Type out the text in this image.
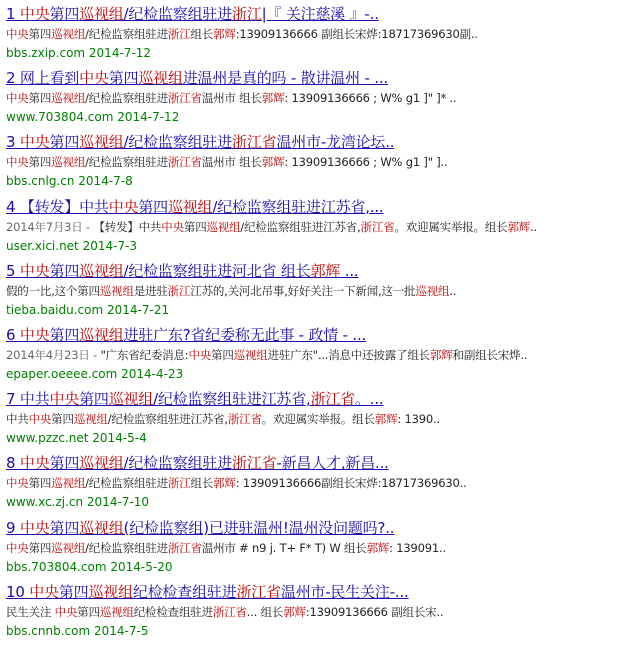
1 中央第四巡视组/纪检监察组驻进浙江|『 关注慈溪 』-..
中央第四巡视组/纪检监察组驻进浙江组长郭辉:13909136666 副组长宋烨:18717369630副..
bbs.zxip.com 2014-7-12
2 网上看到中央第四巡视组进温州是真的吗 - 散讲温州 - ...
中央第四巡视组/纪检监察组驻进浙江省温州市 组长郭辉: 13909136666 ; W% g1 ]" ]* ..
www.703804.com 2014-7-12
3 中央第四巡视组/纪检监察组驻进浙江省温州市-龙湾论坛..
中央第四巡视组/纪检监察组驻进浙江省温州市 组长郭辉: 13909136666 ; W% g1 ]" ]..
bbs.cnlg.cn 2014-7-8
4 【转发】中共中央第四巡视组/纪检监察组驻进江苏省,...
2014年7月3日 - 【转发】中共中央第四巡视组/纪检监察组驻进江苏省,浙江省。欢迎属实举报。组长郭辉..
user.xici.net 2014-7-3
5 中央第四巡视组/纪检监察组驻进河北省 组长郭辉 ...
假的一比,这个第四巡视组是进驻浙江江苏的,关河北吊事,好好关注一下新闻,这一批巡视组..
tieba.baidu.com 2014-7-21
6 中央第四巡视组进驻广东?省纪委称无此事 - 政情 - ...
2014年4月23日 - "广东省纪委消息:中央第四巡视组进驻广东"...消息中还披露了组长郭辉和副组长宋烨..
epaper.oeeee.com 2014-4-23
7 中共中央第四巡视组/纪检监察组驻进江苏省,浙江省。...
中共中央第四巡视组/纪检监察组驻进江苏省,浙江省。欢迎属实举报。组长郭辉: 1390..
www.pzzc.net 2014-5-4
8 中央第四巡视组/纪检监察组驻进浙江省-新昌人才,新昌...
中央第四巡视组/纪检监察组驻进浙江组长郭辉: 13909136666副组长宋烨:18717369630..
www.xc.zj.cn 2014-7-10
9 中央第四巡视组(纪检监察组)已进驻温州!温州没问题吗?..
中央第四巡视组/纪检监察组驻进浙江省温州市 # n9 j. T+ F* T) W 组长郭辉: 139091..
bbs.703804.com 2014-5-20
10 中央第四巡视组纪检检查组驻进浙江省温州市-民生关注-...
民生关注 中央第四巡视组纪检检查组驻进浙江省... 组长郭辉:13909136666 副组长宋..
bbs.cnnb.com 2014-7-5
